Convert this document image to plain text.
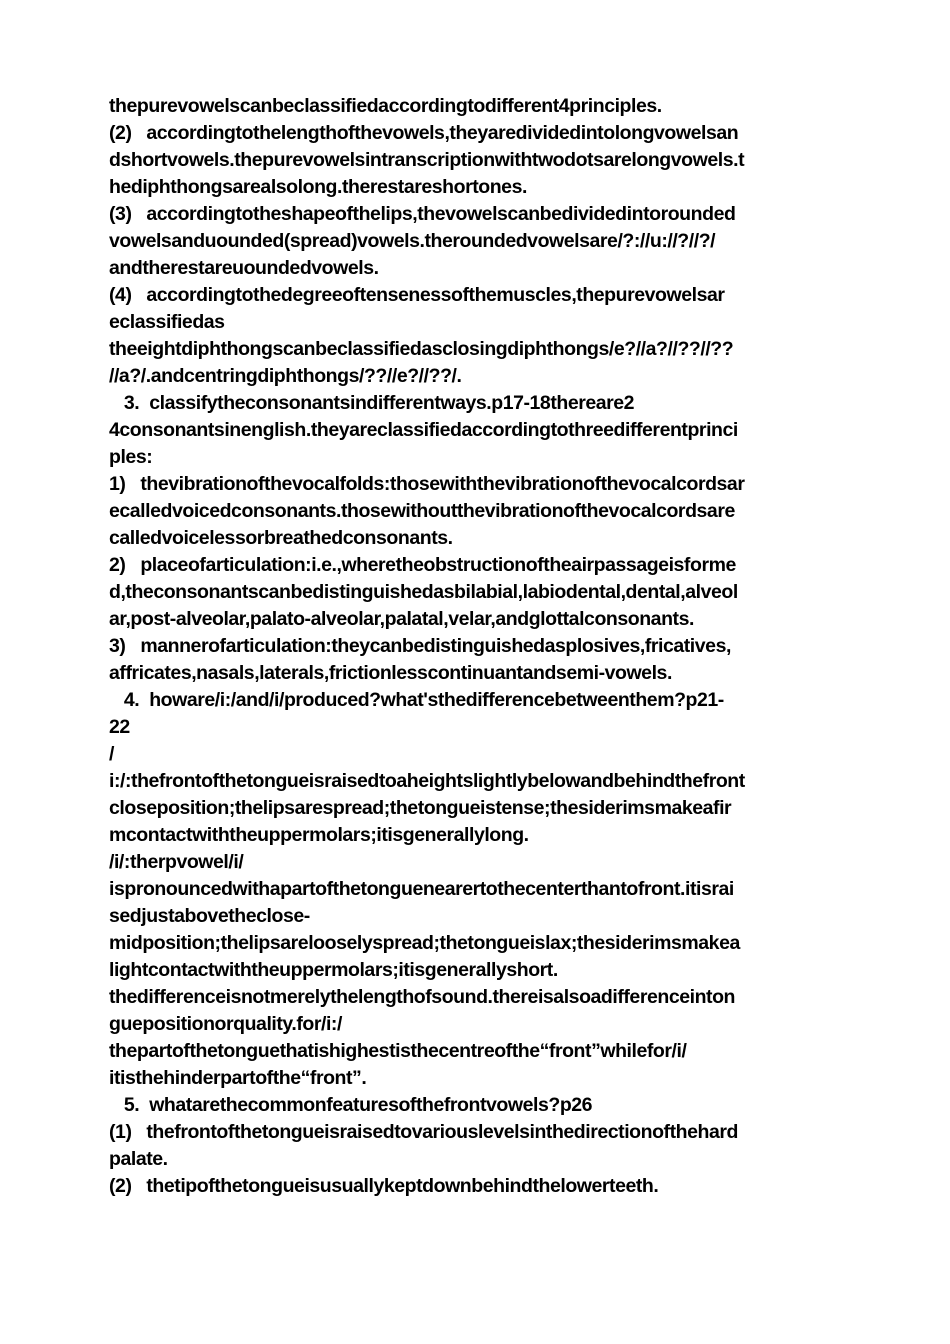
thepurevowelscanbeclassifiedaccordingtodifferent4principles.
(2)   accordingtothelengthofthevowels,theyaredividedintolongvowelsan
dshortvowels.thepurevowelsintranscriptionwithtwodotsarelongvowels.t
hediphthongsarealsolong.therestareshortones.
(3)   accordingtotheshapeofthelips,thevowelscanbedividedintorounded
vowelsanduounded(spread)vowels.theroundedvowelsare/?://u://?//?/
andtherestareuoundedvowels.
(4)   accordingtothedegreeoftensenessofthemuscles,thepurevowelsar
eclassifiedas
theeightdiphthongscanbeclassifiedasclosingdiphthongs/e?//a?//??//??
//a?/.andcentringdiphthongs/??//e?//??/.
3.  classifytheconsonantsindifferentways.p17-18thereare2
4consonantsinenglish.theyareclassifiedaccordingtothreedifferentprinci
ples:
1)   thevibrationofthevocalfolds:thosewiththevibrationofthevocalcordsar
ecalledvoicedconsonants.thosewithoutthevibrationofthevocalcordsare
calledvoicelessorbreathedconsonants.
2)   placeofarticulation:i.e.,wheretheobstructionoftheairpassageisforme
d,theconsonantscanbedistinguishedasbilabial,labiodental,dental,alveol
ar,post-alveolar,palato-alveolar,palatal,velar,andglottalconsonants.
3)   mannerofarticulation:theycanbedistinguishedasplosives,fricatives,
affricates,nasals,laterals,frictionlesscontinuantandsemi-vowels.
4.  howare/i:/and/i/produced?what'sthedifferencebetweenthem?p21-
22
/
i:/:thefrontofthetongueisraisedtoaheightslightlybelowandbehindthefront
closeposition;thelipsarespread;thetongueistense;thesiderimsmakeafir
mcontactwiththeuppermolars;itisgenerallylong.
/i/:therpvowel/i/
ispronouncedwithapartofthetonguenearertothecenterthantofront.itisrai
sedjustabovetheclose-
midposition;thelipsarelooselyspread;thetongueislax;thesiderimsmakea
lightcontactwiththeuppermolars;itisgenerallyshort.
thedifferenceisnotmerelythelengthofsound.thereisalsoadifferenceinton
guepositionorquality.for/i:/
thepartofthetonguethatishighestisthecentreofthe“front”whilefor/i/
itisthehinderpartofthe“front”.
5.  whatarethecommonfeaturesofthefrontvowels?p26
(1)   thefrontofthetongueisraisedtovariouslevelsinthedirectionofthehard
palate.
(2)   thetipofthetongueisusuallykeptdownbehindthelowerteeth.
